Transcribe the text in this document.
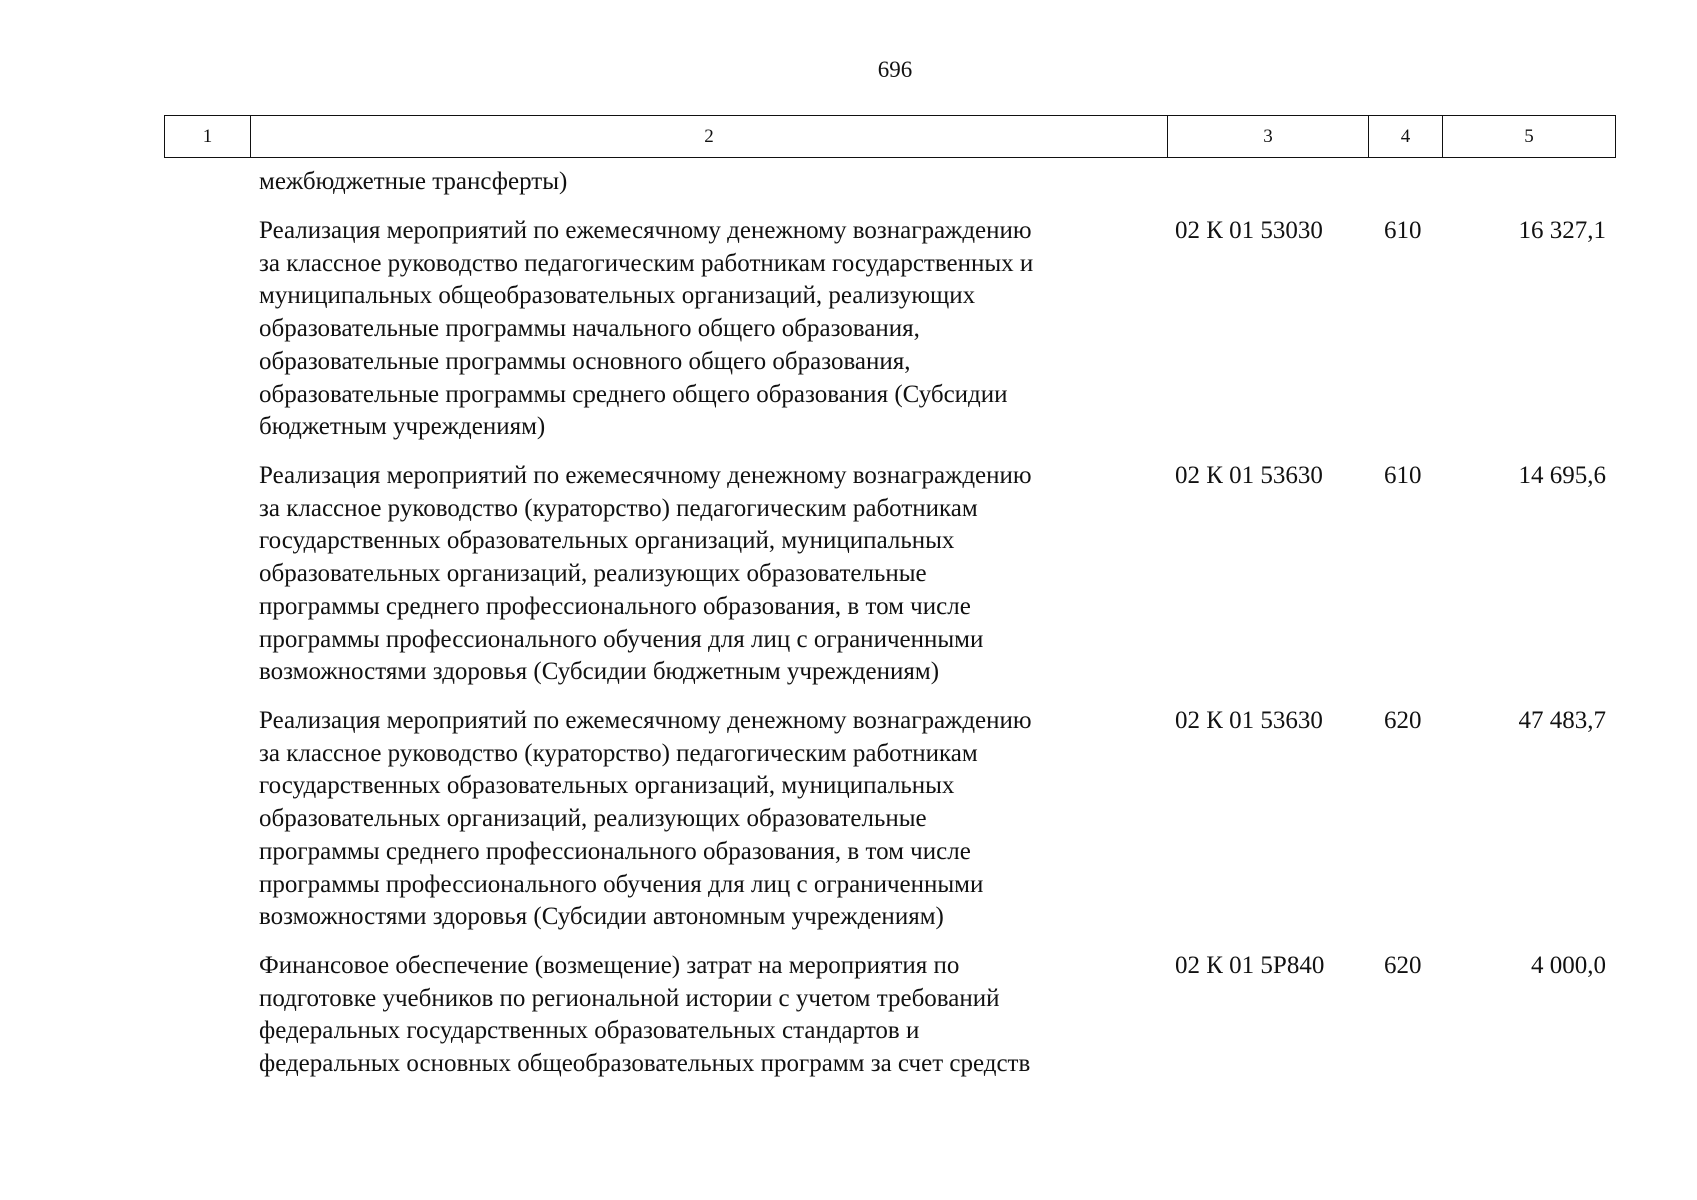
696
1	2	3	4	5
межбюджетные трансферты)
Реализация мероприятий по ежемесячному денежному вознаграждению
за классное руководство педагогическим работникам государственных и
муниципальных общеобразовательных организаций, реализующих
образовательные программы начального общего образования,
образовательные программы основного общего образования,
образовательные программы среднего общего образования (Субсидии
бюджетным учреждениям)
02 К 01 53030 610	16 327,1
Реализация мероприятий по ежемесячному денежному вознаграждению
за классное руководство (кураторство) педагогическим работникам
государственных образовательных организаций, муниципальных
образовательных организаций, реализующих образовательные
программы среднего профессионального образования, в том числе
программы профессионального обучения для лиц с ограниченными
возможностями здоровья (Субсидии бюджетным учреждениям)
02 К 01 53630 610	14 695,6
Реализация мероприятий по ежемесячному денежному вознаграждению
за классное руководство (кураторство) педагогическим работникам
государственных образовательных организаций, муниципальных
образовательных организаций, реализующих образовательные
программы среднего профессионального образования, в том числе
программы профессионального обучения для лиц с ограниченными
возможностями здоровья (Субсидии автономным учреждениям)
02 К 01 53630 620	47 483,7
Финансовое обеспечение (возмещение) затрат на мероприятия по
подготовке учебников по региональной истории с учетом требований
федеральных государственных образовательных стандартов и
федеральных основных общеобразовательных программ за счет средств
02 К 01 5Р840 620	4 000,0
